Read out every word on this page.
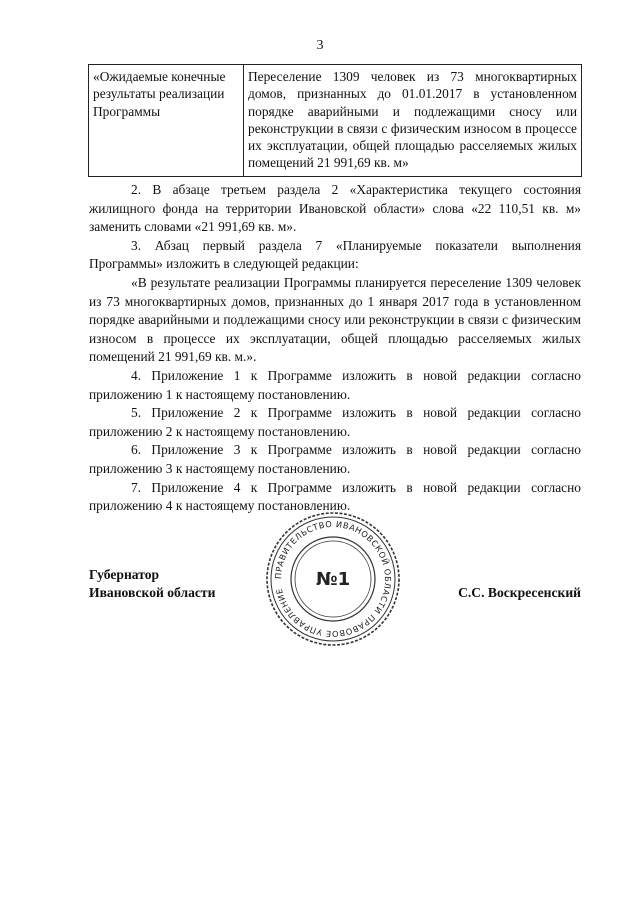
3
«Ожидаемые конечные результаты реализации Программы	Переселение 1309 человек из 73 многоквартирных домов, признанных до 01.01.2017 в установленном порядке аварийными и подлежащими сносу или реконструкции в связи с физическим износом в процессе их эксплуатации, общей площадью расселяемых жилых помещений 21 991,69 кв. м»

2. В абзаце третьем раздела 2 «Характеристика текущего состояния жилищного фонда на территории Ивановской области» слова «22 110,51 кв. м» заменить словами «21 991,69 кв. м».

3. Абзац первый раздела 7 «Планируемые показатели выполнения Программы» изложить в следующей редакции:

«В результате реализации Программы планируется переселение 1309 человек из 73 многоквартирных домов, признанных до 1 января 2017 года в установленном порядке аварийными и подлежащими сносу или реконструкции в связи с физическим износом в процессе их эксплуатации, общей площадью расселяемых жилых помещений 21 991,69 кв. м.».

4. Приложение 1 к Программе изложить в новой редакции согласно приложению 1 к настоящему постановлению.

5. Приложение 2 к Программе изложить в новой редакции согласно приложению 2 к настоящему постановлению.

6. Приложение 3 к Программе изложить в новой редакции согласно приложению 3 к настоящему постановлению.

7. Приложение 4 к Программе изложить в новой редакции согласно приложению 4 к настоящему постановлению.

Губернатор
Ивановской области	С.С. Воскресенский
ПРАВИТЕЛЬСТВО ИВАНОВСКОЙ ОБЛАСТИ ПРАВОВОЕ УПРАВЛЕНИЕ
№1
